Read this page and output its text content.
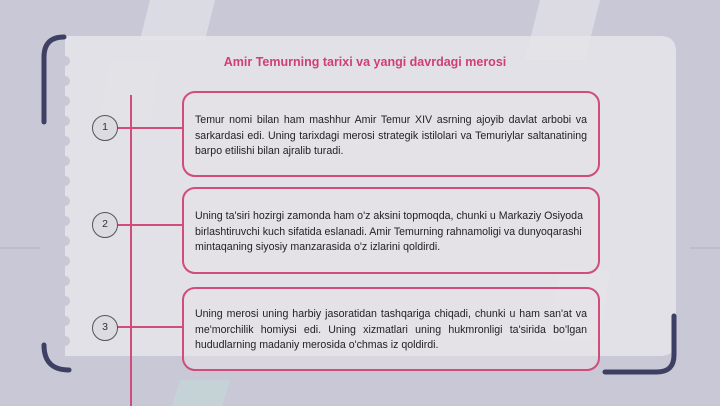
Amir Temurning tarixi va yangi davrdagi merosi
1
2
3

Temur nomi bilan ham mashhur Amir Temur XIV asrning ajoyib davlat arbobi va sarkardasi edi. Uning tarixdagi merosi strategik istilolari va Temuriylar saltanatining barpo etilishi bilan ajralib turadi.

Uning ta'siri hozirgi zamonda ham o'z aksini topmoqda, chunki u Markaziy Osiyoda birlashtiruvchi kuch sifatida eslanadi. Amir Temurning rahnamoligi va dunyoqarashi mintaqaning siyosiy manzarasida o'z izlarini qoldirdi.

Uning merosi uning harbiy jasoratidan tashqariga chiqadi, chunki u ham san'at va me'morchilik homiysi edi. Uning xizmatlari uning hukmronligi ta'sirida bo'lgan hududlarning madaniy merosida o'chmas iz qoldirdi.
